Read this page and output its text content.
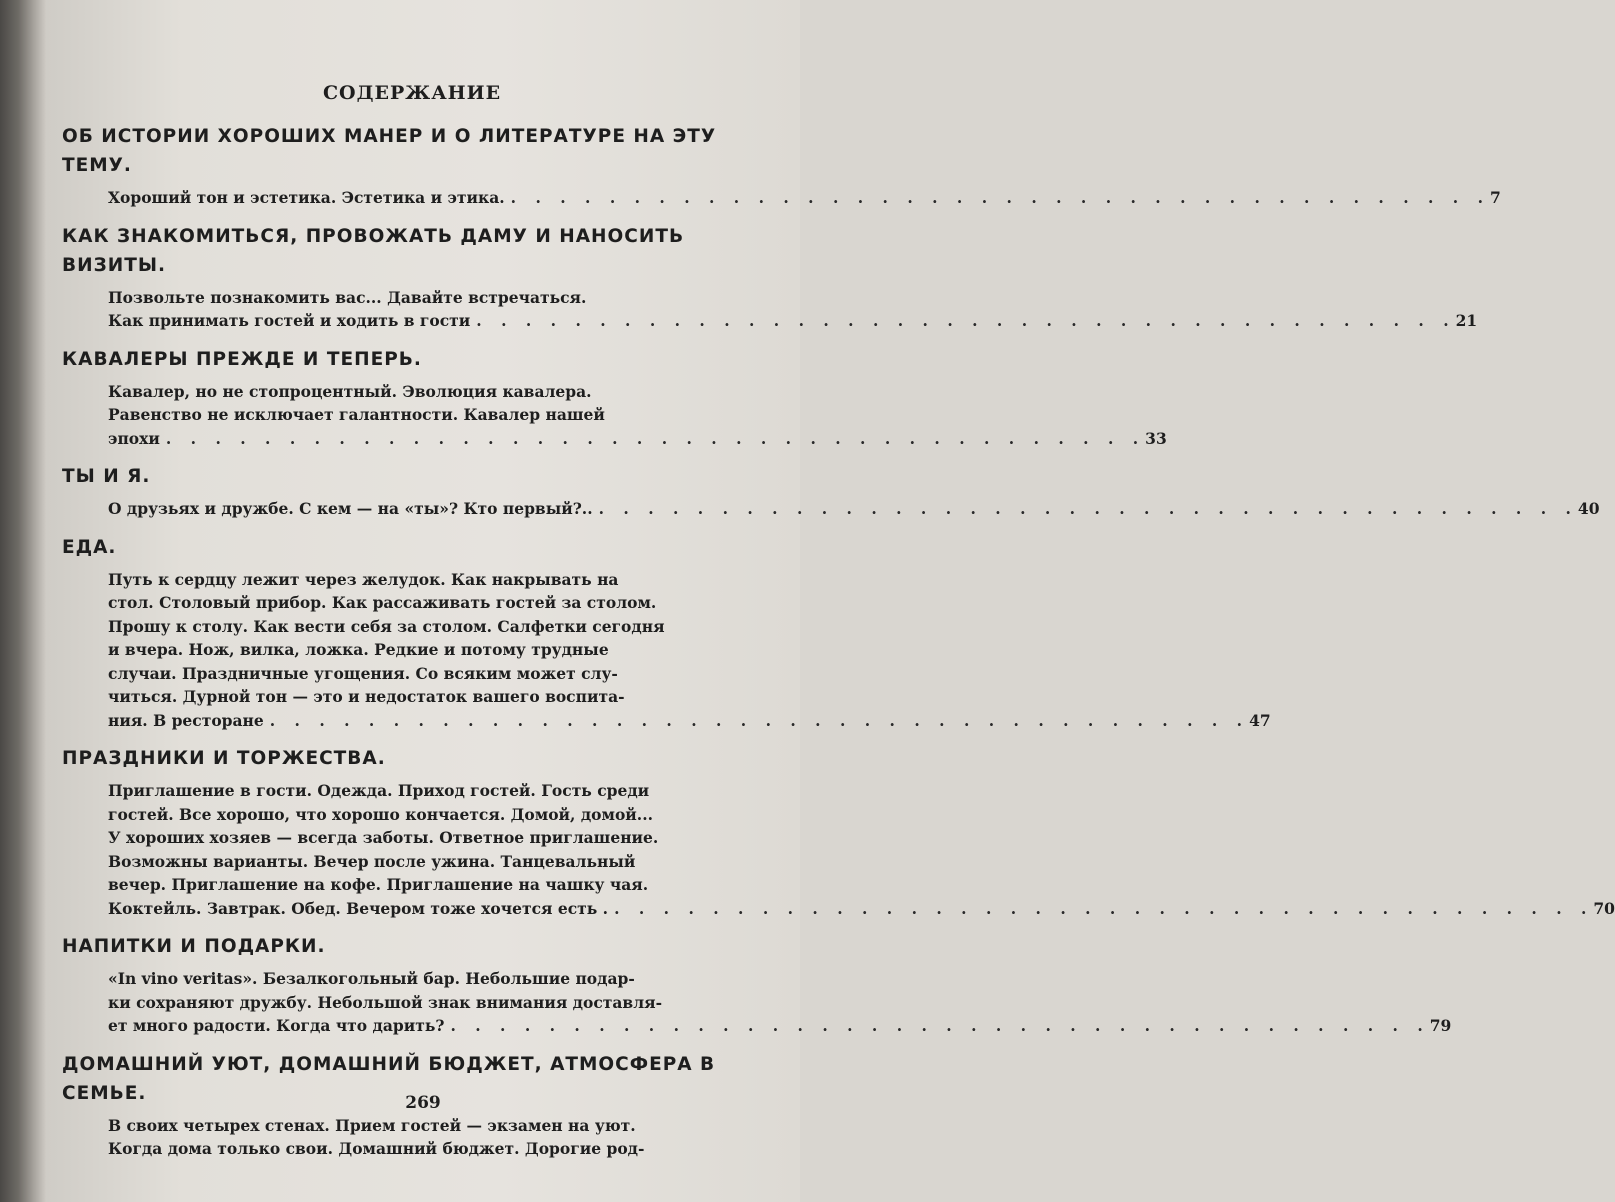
СОДЕРЖАНИЕ
ОБ ИСТОРИИ ХОРОШИХ МАНЕР И О ЛИТЕРАТУРЕ НА ЭТУ ТЕМУ.
Хороший тон и эстетика. Эстетика и этика. . . . . . . . . . . . . . . . . . . . . . . . . . . . . . . . . . . . . . . . . 7
КАК ЗНАКОМИТЬСЯ, ПРОВОЖАТЬ ДАМУ И НАНОСИТЬ ВИЗИТЫ.
Позвольте познакомить вас... Давайте встречаться.
Как принимать гостей и ходить в гости . . . . . . . . . . . . . . . . . . . . . . . . . . . . . . . . . . . . . . . . 21
КАВАЛЕРЫ ПРЕЖДЕ И ТЕПЕРЬ.
Кавалер, но не стопроцентный. Эволюция кавалера.
Равенство не исключает галантности. Кавалер нашей
эпохи . . . . . . . . . . . . . . . . . . . . . . . . . . . . . . . . . . . . . . . . 33
ТЫ И Я.
О друзьях и дружбе. С кем — на «ты»? Кто первый?.. . . . . . . . . . . . . . . . . . . . . . . . . . . . . . . . . . . . . . . . . 40
ЕДА.
Путь к сердцу лежит через желудок. Как накрывать на
стол. Столовый прибор. Как рассаживать гостей за столом.
Прошу к столу. Как вести себя за столом. Салфетки сегодня
и вчера. Нож, вилка, ложка. Редкие и потому трудные
случаи. Праздничные угощения. Со всяким может слу-
читься. Дурной тон — это и недостаток вашего воспита-
ния. В ресторане . . . . . . . . . . . . . . . . . . . . . . . . . . . . . . . . . . . . . . . . 47
ПРАЗДНИКИ И ТОРЖЕСТВА.
Приглашение в гости. Одежда. Приход гостей. Гость среди
гостей. Все хорошо, что хорошо кончается. Домой, домой...
У хороших хозяев — всегда заботы. Ответное приглашение.
Возможны варианты. Вечер после ужина. Танцевальный
вечер. Приглашение на кофе. Приглашение на чашку чая.
Коктейль. Завтрак. Обед. Вечером тоже хочется есть . . . . . . . . . . . . . . . . . . . . . . . . . . . . . . . . . . . . . . . . . 70
НАПИТКИ И ПОДАРКИ.
«In vino veritas». Безалкогольный бар. Небольшие подар-
ки сохраняют дружбу. Небольшой знак внимания доставля-
ет много радости. Когда что дарить? . . . . . . . . . . . . . . . . . . . . . . . . . . . . . . . . . . . . . . . . 79
ДОМАШНИЙ УЮТ, ДОМАШНИЙ БЮДЖЕТ, АТМОСФЕРА В СЕМЬЕ.
В своих четырех стенах. Прием гостей — экзамен на уют.
Когда дома только свои. Домашний бюджет. Дорогие род-
269
